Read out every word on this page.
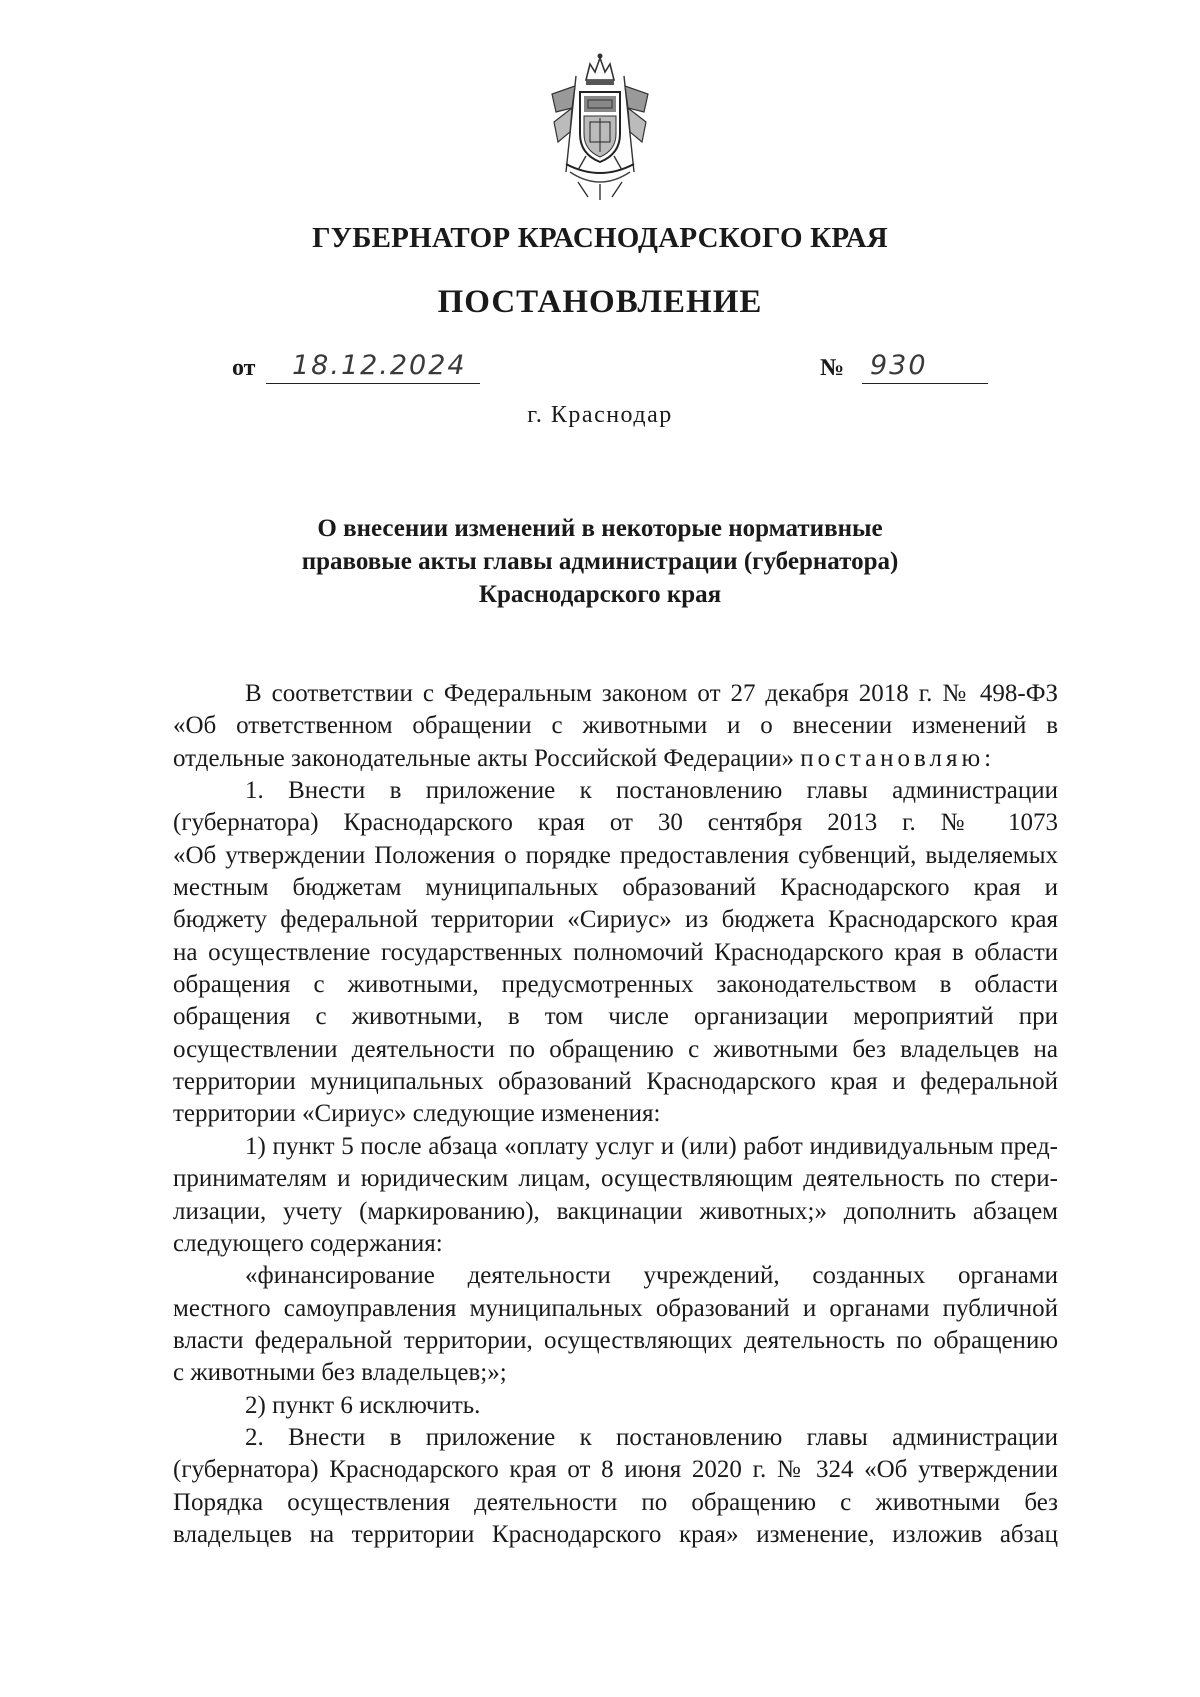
ГУБЕРНАТОР КРАСНОДАРСКОГО КРАЯ
ПОСТАНОВЛЕНИЕ
от 18.12.2024	№ 930
г. Краснодар
О внесении изменений в некоторые нормативные
правовые акты главы администрации (губернатора)
Краснодарского края
В соответствии с Федеральным законом от 27 декабря 2018 г. № 498-ФЗ
«Об ответственном обращении с животными и о внесении изменений в
отдельные законодательные акты Российской Федерации» постановляю:
1. Внести в приложение к постановлению главы администрации
(губернатора) Краснодарского края от 30 сентября 2013 г. № 1073
«Об утверждении Положения о порядке предоставления субвенций, выделяемых
местным бюджетам муниципальных образований Краснодарского края и
бюджету федеральной территории «Сириус» из бюджета Краснодарского края
на осуществление государственных полномочий Краснодарского края в области
обращения с животными, предусмотренных законодательством в области
обращения с животными, в том числе организации мероприятий при
осуществлении деятельности по обращению с животными без владельцев на
территории муниципальных образований Краснодарского края и федеральной
территории «Сириус» следующие изменения:
1) пункт 5 после абзаца «оплату услуг и (или) работ индивидуальным пред-
принимателям и юридическим лицам, осуществляющим деятельность по стери-
лизации, учету (маркированию), вакцинации животных;» дополнить абзацем
следующего содержания:
«финансирование деятельности учреждений, созданных органами
местного самоуправления муниципальных образований и органами публичной
власти федеральной территории, осуществляющих деятельность по обращению
с животными без владельцев;»;
2) пункт 6 исключить.
2. Внести в приложение к постановлению главы администрации
(губернатора) Краснодарского края от 8 июня 2020 г. № 324 «Об утверждении
Порядка осуществления деятельности по обращению с животными без
владельцев на территории Краснодарского края» изменение, изложив абзац
